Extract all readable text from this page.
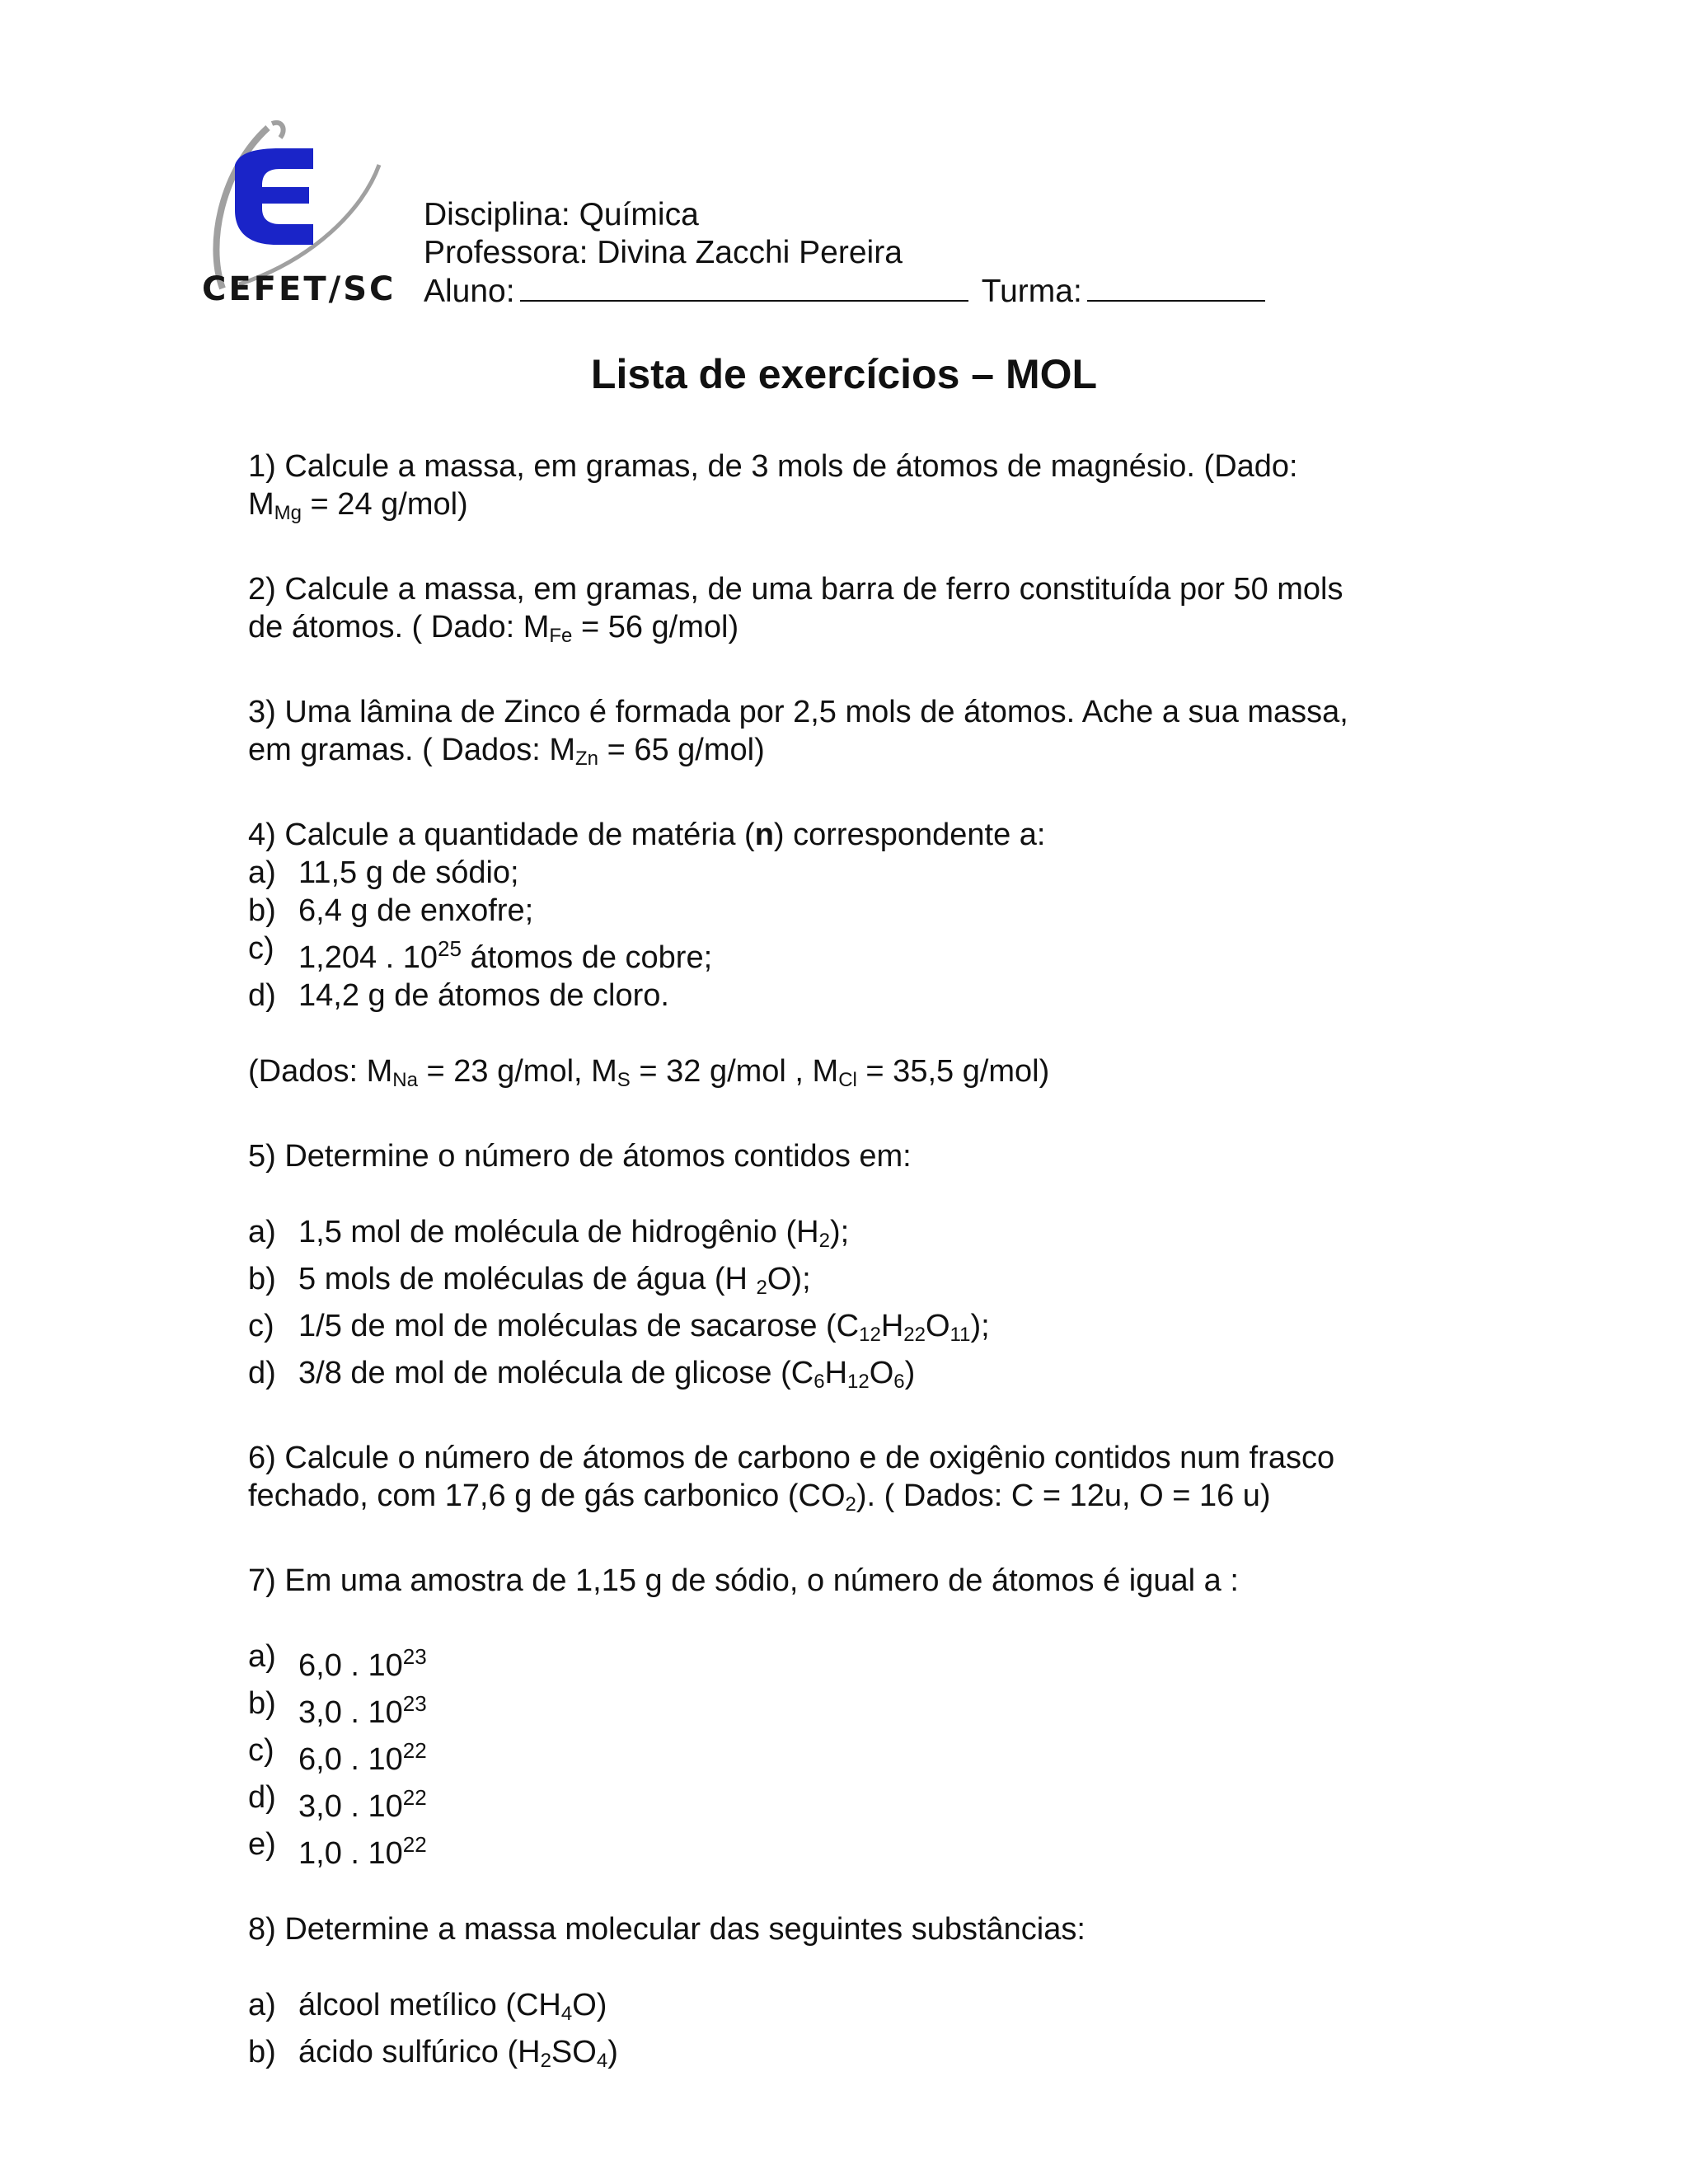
CEFET/SC
Disciplina: Química
Professora: Divina Zacchi Pereira
Aluno:	Turma:
Lista de exercícios – MOL
1) Calcule a massa, em gramas, de 3 mols de átomos de magnésio. (Dado:
$M_{Mg} = 24$ g/mol)
2) Calcule a massa, em gramas, de uma barra de ferro constituída por 50 mols
de átomos. ( Dado: $M_{Fe} = 56$ g/mol)
3) Uma lâmina de Zinco é formada por 2,5 mols de átomos. Ache a sua massa,
em gramas. ( Dados: $M_{Zn} = 65$ g/mol)
4) Calcule a quantidade de matéria (n) correspondente a:
a) 11,5 g de sódio;
b) 6,4 g de enxofre;
c) 1,204 . $10^{25}$ átomos de cobre;
d) 14,2 g de átomos de cloro.
(Dados: $M_{Na} = 23$ g/mol, $M_S = 32$ g/mol , $M_{Cl} = 35,5$ g/mol)
5) Determine o número de átomos contidos em:
a) 1,5 mol de molécula de hidrogênio $(H_2)$;
b) 5 mols de moléculas de água (H $_2$O);
c) 1/5 de mol de moléculas de sacarose $(C_{12}H_{22}O_{11})$;
d) 3/8 de mol de molécula de glicose $(C_6H_{12}O_6)$
6) Calcule o número de átomos de carbono e de oxigênio contidos num frasco
fechado, com 17,6 g de gás carbonico $(CO_2)$. ( Dados: C = 12u, O = 16 u)
7) Em uma amostra de 1,15 g de sódio, o número de átomos é igual a :
a) 6,0 . $10^{23}$
b) 3,0 . $10^{23}$
c) 6,0 . $10^{22}$
d) 3,0 . $10^{22}$
e) 1,0 . $10^{22}$
8) Determine a massa molecular das seguintes substâncias:
a) álcool metílico $(CH_4O)$
b) ácido sulfúrico $(H_2SO_4)$
